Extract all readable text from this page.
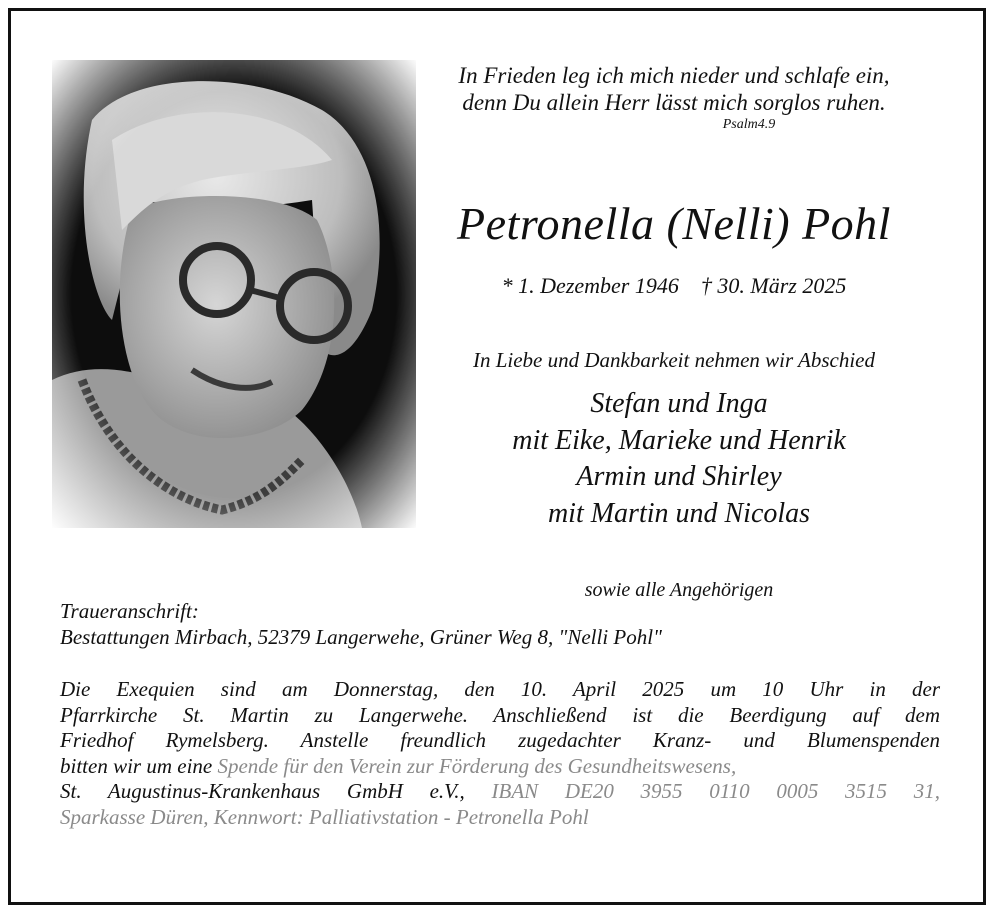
In Frieden leg ich mich nieder und schlafe ein,
denn Du allein Herr lässt mich sorglos ruhen.
Psalm4.9
Petronella (Nelli) Pohl
* 1. Dezember 1946 † 30. März 2025
In Liebe und Dankbarkeit nehmen wir Abschied
Stefan und Inga
mit Eike, Marieke und Henrik
Armin und Shirley
mit Martin und Nicolas
sowie alle Angehörigen
Traueranschrift:
Bestattungen Mirbach, 52379 Langerwehe, Grüner Weg 8, "Nelli Pohl"
Die Exequien sind am Donnerstag, den 10. April 2025 um 10 Uhr in der
Pfarrkirche St. Martin zu Langerwehe. Anschließend ist die Beerdigung auf dem
Friedhof Rymelsberg. Anstelle freundlich zugedachter Kranz- und Blumenspenden
bitten wir um eine Spende für den Verein zur Förderung des Gesundheitswesens,
St. Augustinus-Krankenhaus GmbH e.V., IBAN DE20 3955 0110 0005 3515 31,
Sparkasse Düren, Kennwort: Palliativstation - Petronella Pohl
